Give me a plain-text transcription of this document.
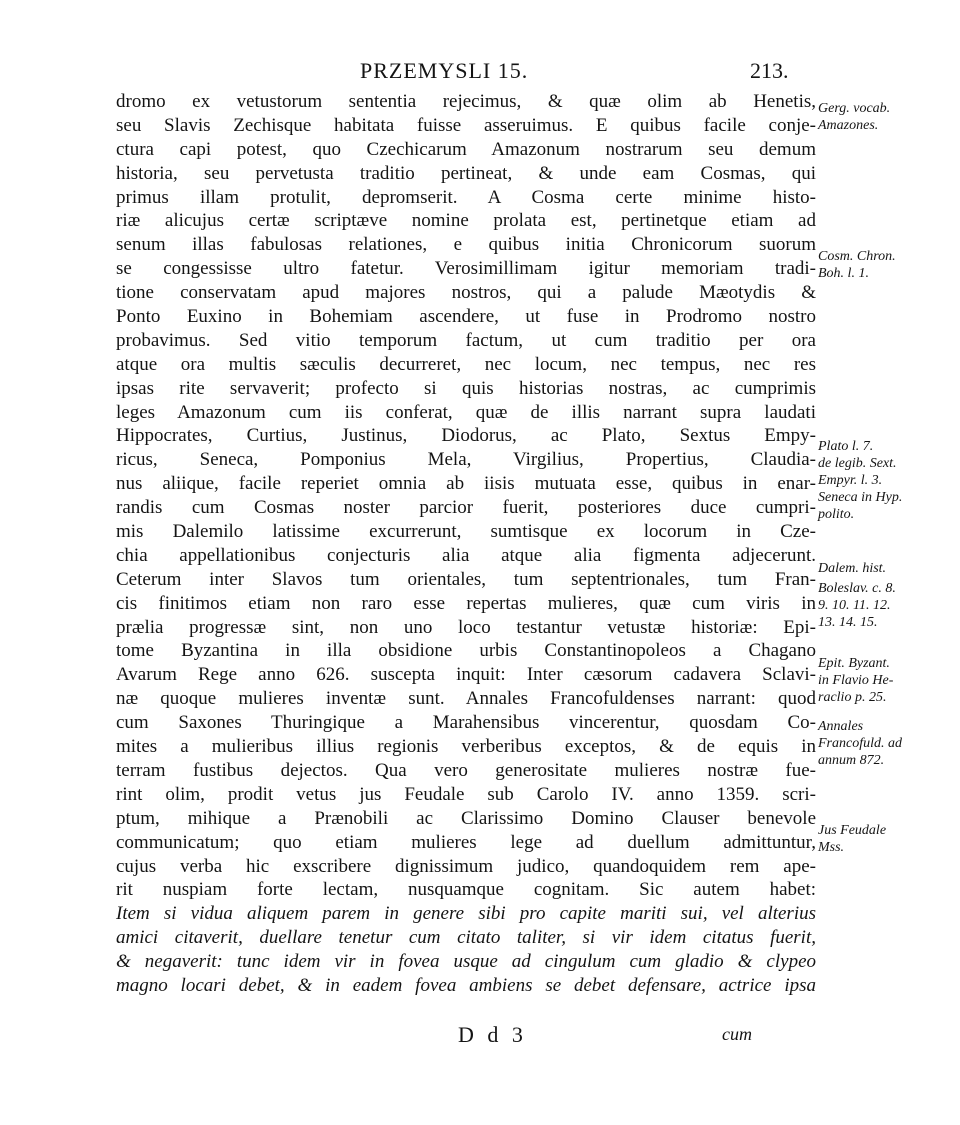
PRZEMYSLI 15.	213.
dromo ex vetustorum sententia rejecimus, & quæ olim ab Henetis,
seu Slavis Zechisque habitata fuisse asseruimus. E quibus facile conje-
ctura capi potest, quo Czechicarum Amazonum nostrarum seu demum
historia, seu pervetusta traditio pertineat, & unde eam Cosmas, qui
primus illam protulit, depromserit. A Cosma certe minime histo-
riæ alicujus certæ scriptæve nomine prolata est, pertinetque etiam ad
senum illas fabulosas relationes, e quibus initia Chronicorum suorum
se congessisse ultro fatetur. Verosimillimam igitur memoriam tradi-
tione conservatam apud majores nostros, qui a palude Mæotydis &
Ponto Euxino in Bohemiam ascendere, ut fuse in Prodromo nostro
probavimus. Sed vitio temporum factum, ut cum traditio per ora
atque ora multis sæculis decurreret, nec locum, nec tempus, nec res
ipsas rite servaverit; profecto si quis historias nostras, ac cumprimis
leges Amazonum cum iis conferat, quæ de illis narrant supra laudati
Hippocrates, Curtius, Justinus, Diodorus, ac Plato, Sextus Empy-
ricus, Seneca, Pomponius Mela, Virgilius, Propertius, Claudia-
nus aliique, facile reperiet omnia ab iisis mutuata esse, quibus in enar-
randis cum Cosmas noster parcior fuerit, posteriores duce cumpri-
mis Dalemilo latissime excurrerunt, sumtisque ex locorum in Cze-
chia appellationibus conjecturis alia atque alia figmenta adjecerunt.
Ceterum inter Slavos tum orientales, tum septentrionales, tum Fran-
cis finitimos etiam non raro esse repertas mulieres, quæ cum viris in
prælia progressæ sint, non uno loco testantur vetustæ historiæ: Epi-
tome Byzantina in illa obsidione urbis Constantinopoleos a Chagano
Avarum Rege anno 626. suscepta inquit: Inter cæsorum cadavera Sclavi-
næ quoque mulieres inventæ sunt. Annales Francofuldenses narrant: quod
cum Saxones Thuringique a Marahensibus vincerentur, quosdam Co-
mites a mulieribus illius regionis verberibus exceptos, & de equis in
terram fustibus dejectos. Qua vero generositate mulieres nostræ fue-
rint olim, prodit vetus jus Feudale sub Carolo IV. anno 1359. scri-
ptum, mihique a Prænobili ac Clarissimo Domino Clauser benevole
communicatum; quo etiam mulieres lege ad duellum admittuntur,
cujus verba hic exscribere dignissimum judico, quandoquidem rem ape-
rit nuspiam forte lectam, nusquamque cognitam. Sic autem habet:
Item si vidua aliquem parem in genere sibi pro capite mariti sui, vel alterius
amici citaverit, duellare tenetur cum citato taliter, si vir idem citatus fuerit,
& negaverit: tunc idem vir in fovea usque ad cingulum cum gladio & clypeo
magno locari debet, & in eadem fovea ambiens se debet defensare, actrice ipsa
Gerg. vocab.
Amazones.
Cosm. Chron.
Boh. l. 1.
Plato l. 7.
de legib. Sext.
Empyr. l. 3.
Seneca in Hyp.
polito.
Dalem. hist.
Boleslav. c. 8.
9. 10. 11. 12.
13. 14. 15.
Epit. Byzant.
in Flavio He-
raclio p. 25.
Annales
Francofuld. ad
annum 872.
Jus Feudale
Mss.
D d 3	cum
